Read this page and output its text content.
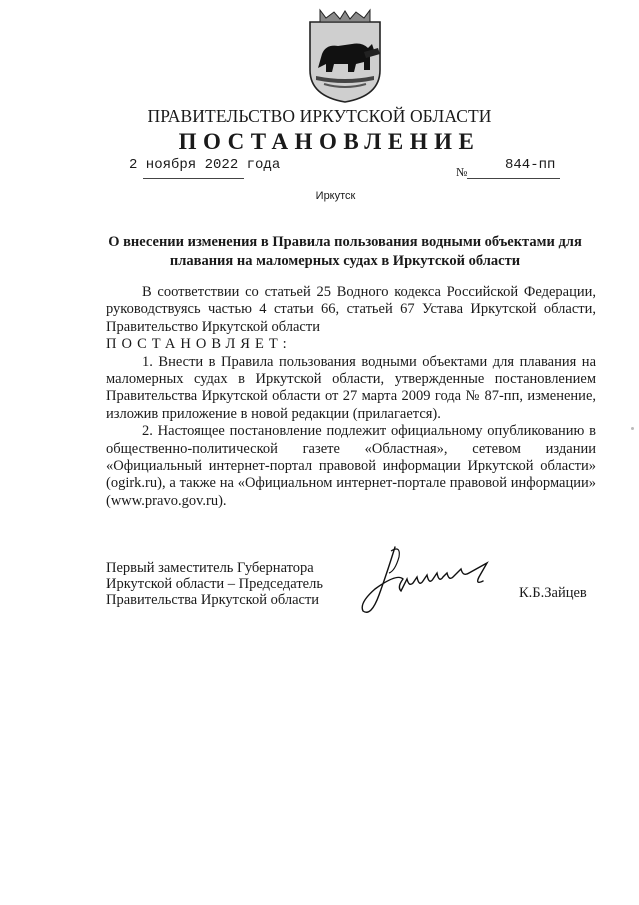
ПРАВИТЕЛЬСТВО ИРКУТСКОЙ ОБЛАСТИ
ПОСТАНОВЛЕНИЕ
2 ноября 2022 года	№	844-пп
Иркутск
О внесении изменения в Правила пользования водными объектами для
плавания на маломерных судах в Иркутской области

В соответствии со статьей 25 Водного кодекса Российской Федерации, руководствуясь частью 4 статьи 66, статьей 67 Устава Иркутской области, Правительство Иркутской области

ПОСТАНОВЛЯЕТ:

1. Внести в Правила пользования водными объектами для плавания на маломерных судах в Иркутской области, утвержденные постановлением Правительства Иркутской области от 27 марта 2009 года № 87-пп, изменение, изложив приложение в новой редакции (прилагается).

2. Настоящее постановление подлежит официальному опубликованию в общественно-политической газете «Областная», сетевом издании «Официальный интернет-портал правовой информации Иркутской области» (ogirk.ru), а также на «Официальном интернет-портале правовой информации» (www.pravo.gov.ru).

Первый заместитель Губернатора
Иркутской области – Председатель
Правительства Иркутской области	К.Б.Зайцев
